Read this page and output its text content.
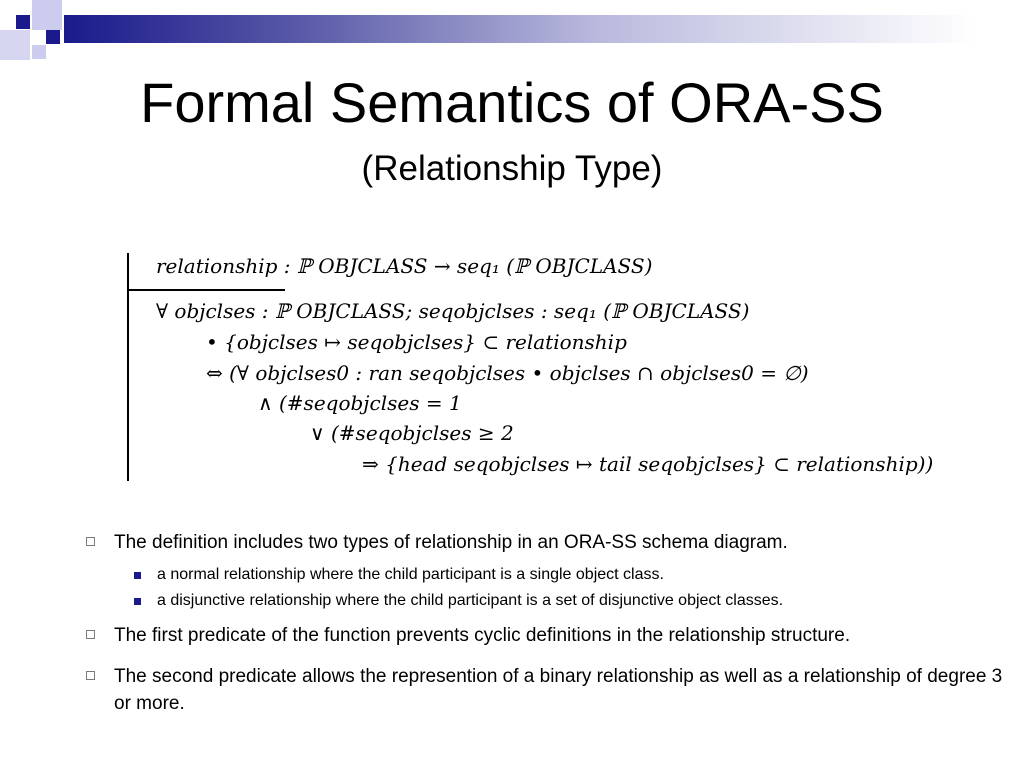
Formal Semantics of ORA-SS
(Relationship Type)
relationship : ℙ OBJCLASS → seq₁ (ℙ OBJCLASS)
∀ objclses : ℙ OBJCLASS; seqobjclses : seq₁ (ℙ OBJCLASS)
• {objclses ↦ seqobjclses} ⊂ relationship
⇔ (∀ objclses0 : ran seqobjclses • objclses ∩ objclses0 = ∅)
∧ (#seqobjclses = 1
∨ (#seqobjclses ≥ 2
⇒ {head seqobjclses ↦ tail seqobjclses} ⊂ relationship))
The definition includes two types of relationship in an ORA-SS schema diagram.
a normal relationship where the child participant is a single object class.
a disjunctive relationship where the child participant is a set of disjunctive object classes.
The first predicate of the function prevents cyclic definitions in the relationship structure.
The second predicate allows the represention of a binary relationship as well as a relationship of degree 3 or more.
